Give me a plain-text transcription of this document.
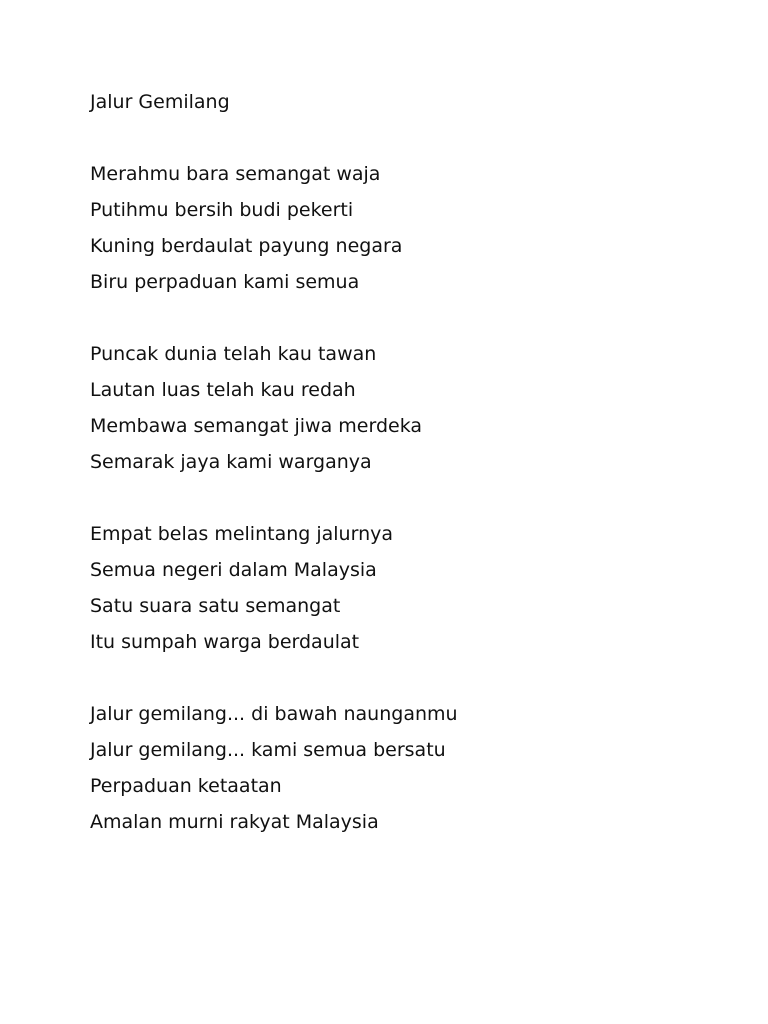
Jalur Gemilang
Merahmu bara semangat waja
Putihmu bersih budi pekerti
Kuning berdaulat payung negara
Biru perpaduan kami semua
Puncak dunia telah kau tawan
Lautan luas telah kau redah
Membawa semangat jiwa merdeka
Semarak jaya kami warganya
Empat belas melintang jalurnya
Semua negeri dalam Malaysia
Satu suara satu semangat
Itu sumpah warga berdaulat
Jalur gemilang... di bawah naunganmu
Jalur gemilang... kami semua bersatu
Perpaduan ketaatan
Amalan murni rakyat Malaysia
